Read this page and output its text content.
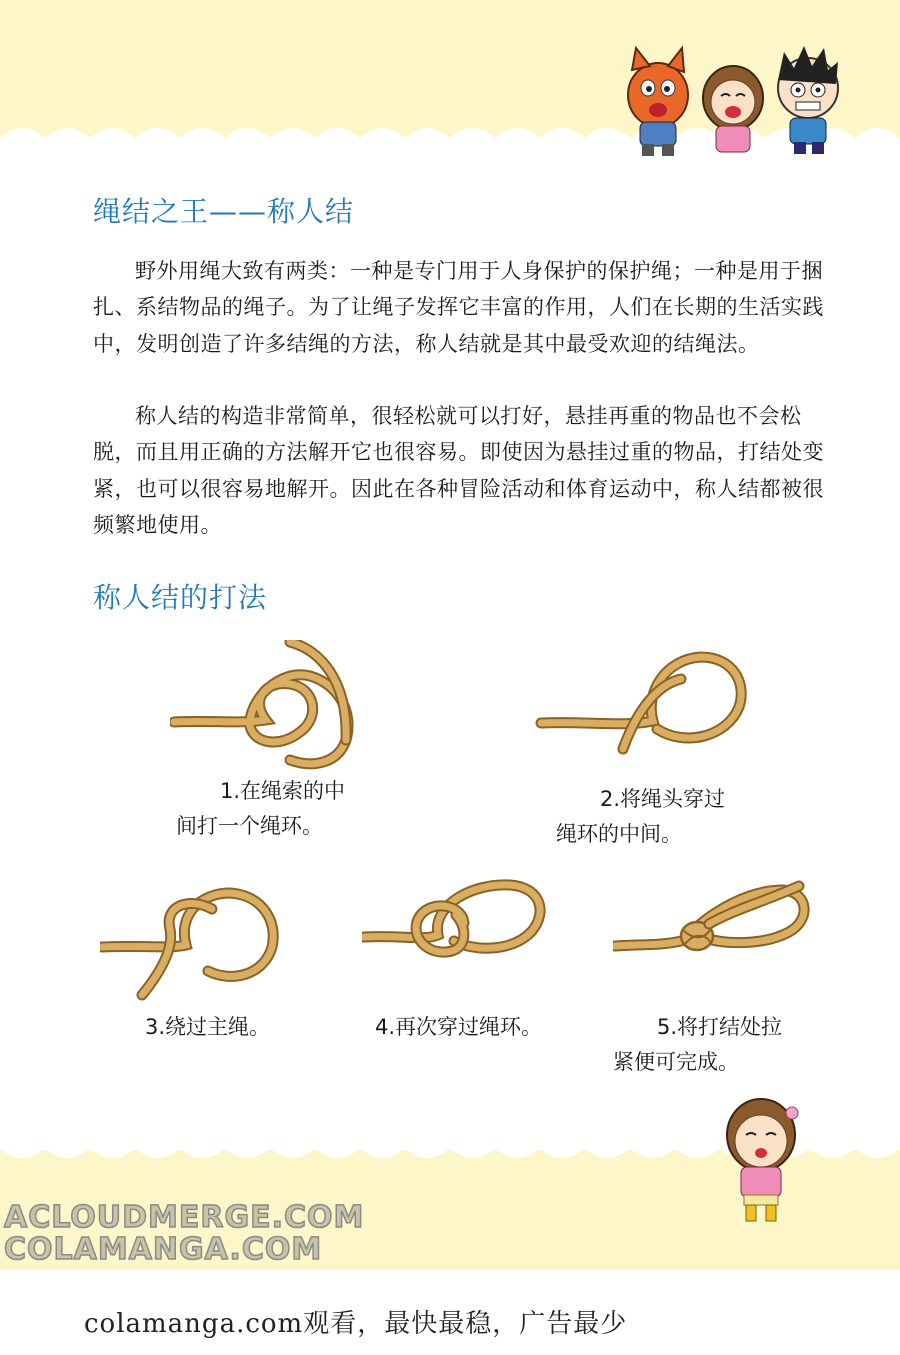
绳结之王——称人结

野外用绳大致有两类：一种是专门用于人身保护的保护绳；一种是用于捆扎、系结物品的绳子。为了让绳子发挥它丰富的作用，人们在长期的生活实践中，发明创造了许多结绳的方法，称人结就是其中最受欢迎的结绳法。

称人结的构造非常简单，很轻松就可以打好，悬挂再重的物品也不会松脱，而且用正确的方法解开它也很容易。即使因为悬挂过重的物品，打结处变紧，也可以很容易地解开。因此在各种冒险活动和体育运动中，称人结都被很频繁地使用。

称人结的打法

1.在绳索的中
间打一个绳环。

2.将绳头穿过
绳环的中间。

3.绕过主绳。	4.再次穿过绳环。	5.将打结处拉
紧便可完成。

ACLOUDMERGE.COM
COLAMANGA.COM
colamanga.com观看，最快最稳，广告最少
